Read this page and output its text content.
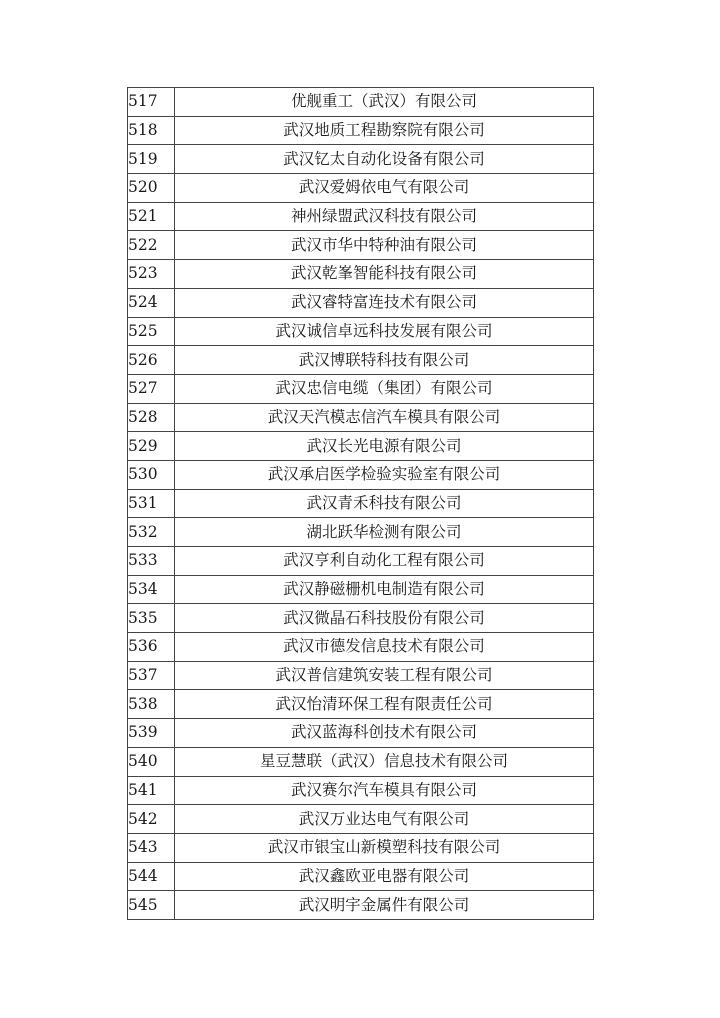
517	优舰重工（武汉）有限公司
518	武汉地质工程勘察院有限公司
519	武汉钇太自动化设备有限公司
520	武汉爱姆依电气有限公司
521	神州绿盟武汉科技有限公司
522	武汉市华中特种油有限公司
523	武汉乾峯智能科技有限公司
524	武汉睿特富连技术有限公司
525	武汉诚信卓远科技发展有限公司
526	武汉博联特科技有限公司
527	武汉忠信电缆（集团）有限公司
528	武汉天汽模志信汽车模具有限公司
529	武汉长光电源有限公司
530	武汉承启医学检验实验室有限公司
531	武汉青禾科技有限公司
532	湖北跃华检测有限公司
533	武汉亨利自动化工程有限公司
534	武汉静磁栅机电制造有限公司
535	武汉微晶石科技股份有限公司
536	武汉市德发信息技术有限公司
537	武汉普信建筑安装工程有限公司
538	武汉怡清环保工程有限责任公司
539	武汉蓝海科创技术有限公司
540	星豆慧联（武汉）信息技术有限公司
541	武汉赛尔汽车模具有限公司
542	武汉万业达电气有限公司
543	武汉市银宝山新模塑科技有限公司
544	武汉鑫欧亚电器有限公司
545	武汉明宇金属件有限公司
